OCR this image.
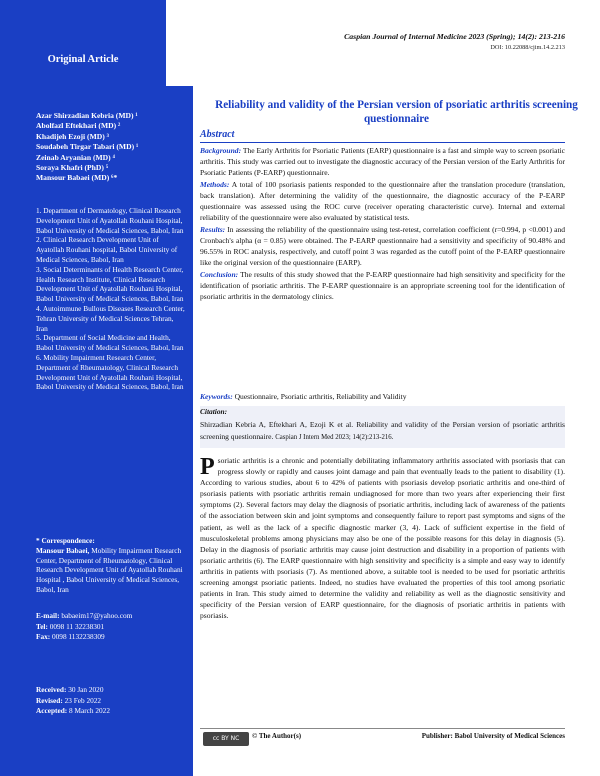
Original Article
Azar Shirzadian Kebria (MD) ¹
Abolfazl Eftekhari (MD) ²
Khadijeh Ezoji (MD) ³
Soudabeh Tirgar Tabari (MD) ¹
Zeinab Aryanian (MD) ⁴
Soraya Khafri (PhD) ⁵
Mansour Babaei (MD) ⁶*
1. Department of Dermatology, Clinical Research Development Unit of Ayatollah Rouhani Hospital, Babol University of Medical Sciences, Babol, Iran
2. Clinical Research Development Unit of Ayatollah Rouhani hospital, Babol University of Medical Sciences, Babol, Iran
3. Social Determinants of Health Research Center, Health Research Institute, Clinical Research Development Unit of Ayatollah Rouhani Hospital, Babol University of Medical Sciences, Babol, Iran
4. Autoimmune Bullous Diseases Research Center, Tehran University of Medical Sciences Tehran, Iran
5. Department of Social Medicine and Health, Babol University of Medical Sciences, Babol, Iran
6. Mobility Impairment Research Center, Department of Rheumatology, Clinical Research Development Unit of Ayatollah Rouhani Hospital, Babol University of Medical Sciences, Babol, Iran
* Correspondence:
Mansour Babaei, Mobility Impairment Research Center, Department of Rheumatology, Clinical Research Development Unit of Ayatollah Rouhani Hospital , Babol University of Medical Sciences, Babol, Iran
E-mail: babaeim17@yahoo.com
Tel: 0098 11 32238301
Fax: 0098 1132238309
Received: 30 Jan 2020
Revised: 23 Feb 2022
Accepted: 8 March 2022
Caspian Journal of Internal Medicine 2023 (Spring); 14(2): 213-216
DOI: 10.22088/cjim.14.2.213
Reliability and validity of the Persian version of psoriatic arthritis screening questionnaire
Abstract

Background: The Early Arthritis for Psoriatic Patients (EARP) questionnaire is a fast and simple way to screen psoriatic arthritis. This study was carried out to investigate the diagnostic accuracy of the Persian version of the Early Arthritis for Psoriatic Patients (P-EARP) questionnaire.

Methods: A total of 100 psoriasis patients responded to the questionnaire after the translation procedure (translation, back translation). After determining the validity of the questionnaire, the diagnostic accuracy of the P-EARP questionnaire was assessed using the ROC curve (receiver operating characteristic curve). Internal and external reliability of the questionnaire were also evaluated by statistical tests.

Results: In assessing the reliability of the questionnaire using test-retest, correlation coefficient (r=0.994, p <0.001) and Cronbach's alpha (α = 0.85) were obtained. The P-EARP questionnaire had a sensitivity and specificity of 90.48% and 96.55% in ROC analysis, respectively, and cutoff point 3 was regarded as the cutoff point of the P-EARP questionnaire like the original version of the questionnaire (EARP).

Conclusion: The results of this study showed that the P-EARP questionnaire had high sensitivity and specificity for the identification of psoriatic arthritis. The P-EARP questionnaire is an appropriate screening tool for the identification of psoriatic arthritis in the dermatology clinics.

Keywords: Questionnaire, Psoriatic arthritis, Reliability and Validity
Citation:
Shirzadian Kebria A, Eftekhari A, Ezoji K et al. Reliability and validity of the Persian version of psoriatic arthritis screening questionnaire. Caspian J Intern Med 2023; 14(2):213-216.
Psoriatic arthritis is a chronic and potentially debilitating inflammatory arthritis associated with psoriasis that can progress slowly or rapidly and causes joint damage and pain that eventually leads to the patient to disability (1). According to various studies, about 6 to 42% of patients with psoriasis develop psoriatic arthritis and one-third of psoriasis patients with psoriatic arthritis remain undiagnosed for more than two years after experiencing their first symptoms (2). Several factors may delay the diagnosis of psoriatic arthritis, including lack of awareness of the patients of the association between skin and joint symptoms and consequently failure to report past symptoms and signs of the patient, as well as the lack of a specific diagnostic marker (3, 4). Lack of sufficient expertise in the field of musculoskeletal problems among physicians may also be one of the possible reasons for this delay in diagnosis (5). Delay in the diagnosis of psoriatic arthritis may cause joint destruction and disability in a proportion of patients with psoriatic arthritis (6). The EARP questionnaire with high sensitivity and specificity is a simple and easy way to identify arthritis in patients with psoriasis (7). As mentioned above, a suitable tool is needed to be used for psoriatic arthritis screening amongst psoriatic patients. Indeed, no studies have evaluated the properties of this tool among psoriatic patients in Iran. This study aimed to determine the validity and reliability as well as the diagnostic sensitivity and specificity of the Persian version of EARP questionnaire, for the diagnosis of psoriatic arthritis in patients with psoriasis.
cc BY NC	© The Author(s)	Publisher: Babol University of Medical Sciences
